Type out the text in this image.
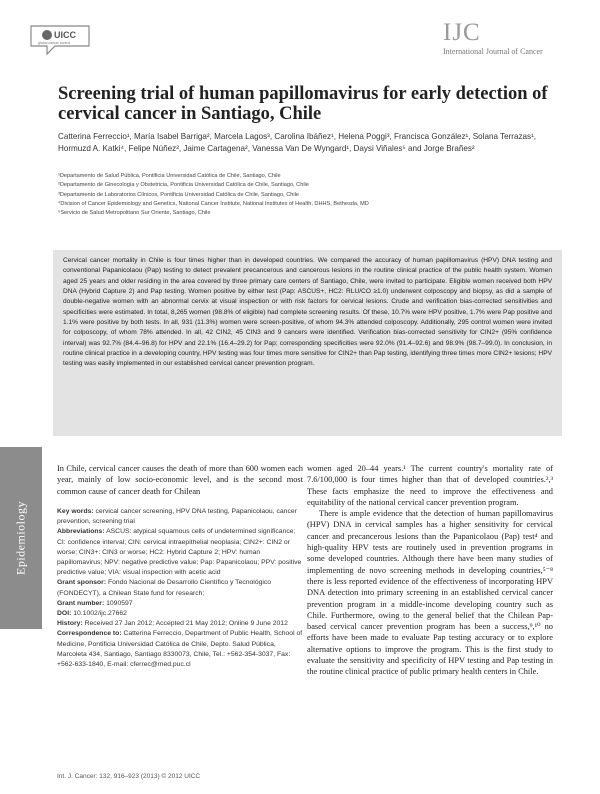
UICC
global cancer control	IJC
International Journal of Cancer
Screening trial of human papillomavirus for early detection of cervical cancer in Santiago, Chile
Catterina Ferreccio¹, María Isabel Barriga², Marcela Lagos³, Carolina Ibáñez¹, Helena Poggi³, Francisca González¹, Solana Terrazas¹, Hormuzd A. Katki⁴, Felipe Núñez², Jaime Cartagena², Vanessa Van De Wyngard¹, Daysi Viñales⁵ and Jorge Brañes²
¹Departamento de Salud Pública, Pontificia Universidad Católica de Chile, Santiago, Chile
²Departamento de Ginecología y Obstetricia, Pontificia Universidad Católica de Chile, Santiago, Chile
³Departamento de Laboratorios Clínicos, Pontificia Universidad Católica de Chile, Santiago, Chile
⁴Division of Cancer Epidemiology and Genetics, National Cancer Institute, National Institutes of Health, DHHS, Bethesda, MD
⁵Servicio de Salud Metropolitano Sur Oriente, Santiago, Chile
Cervical cancer mortality in Chile is four times higher than in developed countries. We compared the accuracy of human papillomavirus (HPV) DNA testing and conventional Papanicolaou (Pap) testing to detect prevalent precancerous and cancerous lesions in the routine clinical practice of the public health system. Women aged 25 years and older residing in the area covered by three primary care centers of Santiago, Chile, were invited to participate. Eligible women received both HPV DNA (Hybrid Capture 2) and Pap testing. Women positive by either test (Pap: ASCUS+, HC2: RLU/CO ≥1.0) underwent colposcopy and biopsy, as did a sample of double-negative women with an abnormal cervix at visual inspection or with risk factors for cervical lesions. Crude and verification bias-corrected sensitivities and specificities were estimated. In total, 8,265 women (98.8% of eligible) had complete screening results. Of these, 10.7% were HPV positive, 1.7% were Pap positive and 1.1% were positive by both tests. In all, 931 (11.3%) women were screen-positive, of whom 94.3% attended colposcopy. Additionally, 295 control women were invited for colposcopy, of whom 78% attended. In all, 42 CIN2, 45 CIN3 and 9 cancers were identified. Verification bias-corrected sensitivity for CIN2+ (95% confidence interval) was 92.7% (84.4–96.8) for HPV and 22.1% (16.4–29.2) for Pap; corresponding specificities were 92.0% (91.4–92.6) and 98.9% (98.7–99.0). In conclusion, in routine clinical practice in a developing country, HPV testing was four times more sensitive for CIN2+ than Pap testing, identifying three times more CIN2+ lesions; HPV testing was easily implemented in our established cervical cancer prevention program.
Epidemiology

In Chile, cervical cancer causes the death of more than 600 women each year, mainly of low socio-economic level, and is the second most common cause of cancer death for Chilean

Key words: cervical cancer screening, HPV DNA testing, Papanicolaou, cancer prevention, screening trial
Abbreviations: ASCUS: atypical squamous cells of undetermined significance; CI: confidence interval; CIN: cervical intraepithelial neoplasia; CIN2+: CIN2 or worse; CIN3+: CIN3 or worse; HC2: Hybrid Capture 2; HPV: human papillomavirus; NPV: negative predictive value; Pap: Papanicolaou; PPV: positive predictive value; VIA: visual inspection with acetic acid
Grant sponsor: Fondo Nacional de Desarrollo Científico y Tecnológico (FONDECYT), a Chilean State fund for research;
Grant number: 1090597
DOI: 10.1002/ijc.27662
History: Received 27 Jan 2012; Accepted 21 May 2012; Online 9 June 2012
Correspondence to: Catterina Ferreccio, Department of Public Health, School of Medicine, Pontificia Universidad Católica de Chile, Depto. Salud Pública, Marcoleta 434, Santiago, Santiago 8330073, Chile, Tel.: +562-354-3037, Fax: +562-633-1840, E-mail: cferrec@med.puc.cl

women aged 20–44 years.¹ The current country's mortality rate of 7.6/100,000 is four times higher than that of developed countries.²,³ These facts emphasize the need to improve the effectiveness and equitability of the national cervical cancer prevention program.

There is ample evidence that the detection of human papillomavirus (HPV) DNA in cervical samples has a higher sensitivity for cervical cancer and precancerous lesions than the Papanicolaou (Pap) test⁴ and high-quality HPV tests are routinely used in prevention programs in some developed countries. Although there have been many studies of implementing de novo screening methods in developing countries,⁵⁻⁸ there is less reported evidence of the effectiveness of incorporating HPV DNA detection into primary screening in an established cervical cancer prevention program in a middle-income developing country such as Chile. Furthermore, owing to the general belief that the Chilean Pap-based cervical cancer prevention program has been a success,⁹,¹⁰ no efforts have been made to evaluate Pap testing accuracy or to explore alternative options to improve the program. This is the first study to evaluate the sensitivity and specificity of HPV testing and Pap testing in the routine clinical practice of public primary health centers in Chile.

Int. J. Cancer: 132, 916–923 (2013) © 2012 UICC
